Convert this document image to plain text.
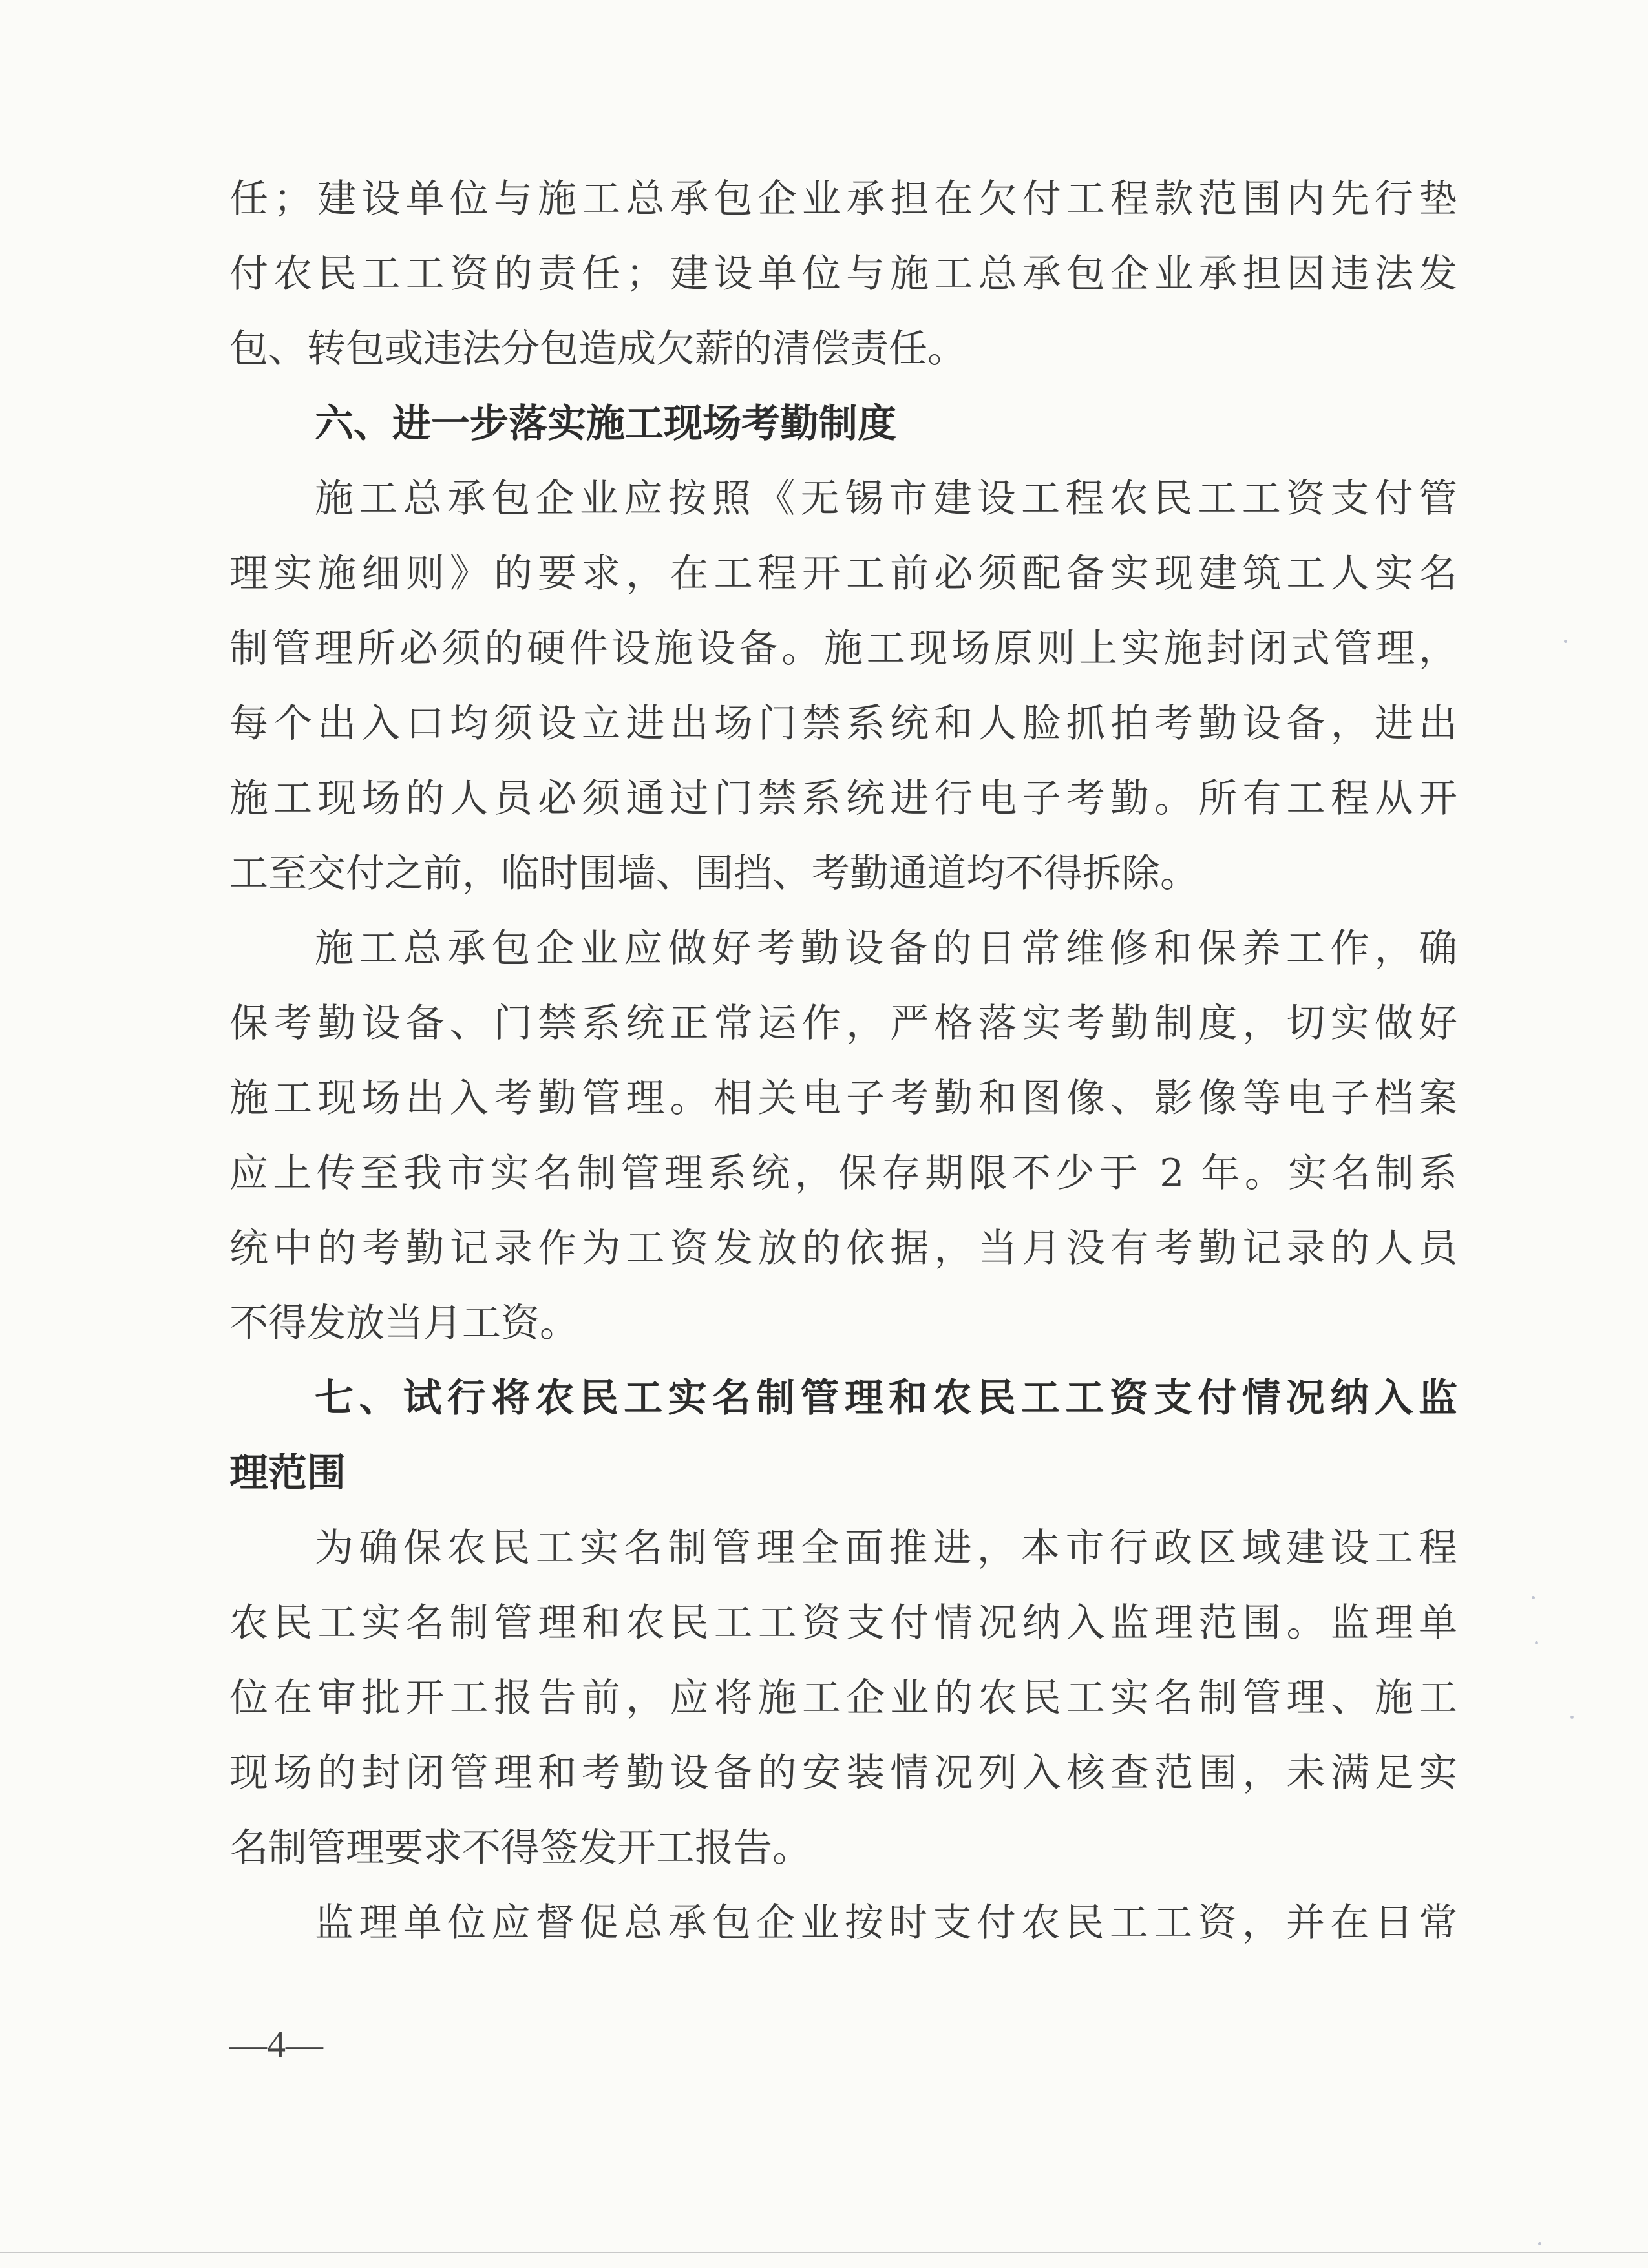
任；建设单位与施工总承包企业承担在欠付工程款范围内先行垫
付农民工工资的责任；建设单位与施工总承包企业承担因违法发
包、转包或违法分包造成欠薪的清偿责任。
六、进一步落实施工现场考勤制度
施工总承包企业应按照《无锡市建设工程农民工工资支付管
理实施细则》的要求，在工程开工前必须配备实现建筑工人实名
制管理所必须的硬件设施设备。施工现场原则上实施封闭式管理，
每个出入口均须设立进出场门禁系统和人脸抓拍考勤设备，进出
施工现场的人员必须通过门禁系统进行电子考勤。所有工程从开
工至交付之前，临时围墙、围挡、考勤通道均不得拆除。
施工总承包企业应做好考勤设备的日常维修和保养工作，确
保考勤设备、门禁系统正常运作，严格落实考勤制度，切实做好
施工现场出入考勤管理。相关电子考勤和图像、影像等电子档案
应上传至我市实名制管理系统，保存期限不少于 2 年。实名制系
统中的考勤记录作为工资发放的依据，当月没有考勤记录的人员
不得发放当月工资。
七、试行将农民工实名制管理和农民工工资支付情况纳入监
理范围
为确保农民工实名制管理全面推进，本市行政区域建设工程
农民工实名制管理和农民工工资支付情况纳入监理范围。监理单
位在审批开工报告前，应将施工企业的农民工实名制管理、施工
现场的封闭管理和考勤设备的安装情况列入核查范围，未满足实
名制管理要求不得签发开工报告。
监理单位应督促总承包企业按时支付农民工工资，并在日常
—4—
